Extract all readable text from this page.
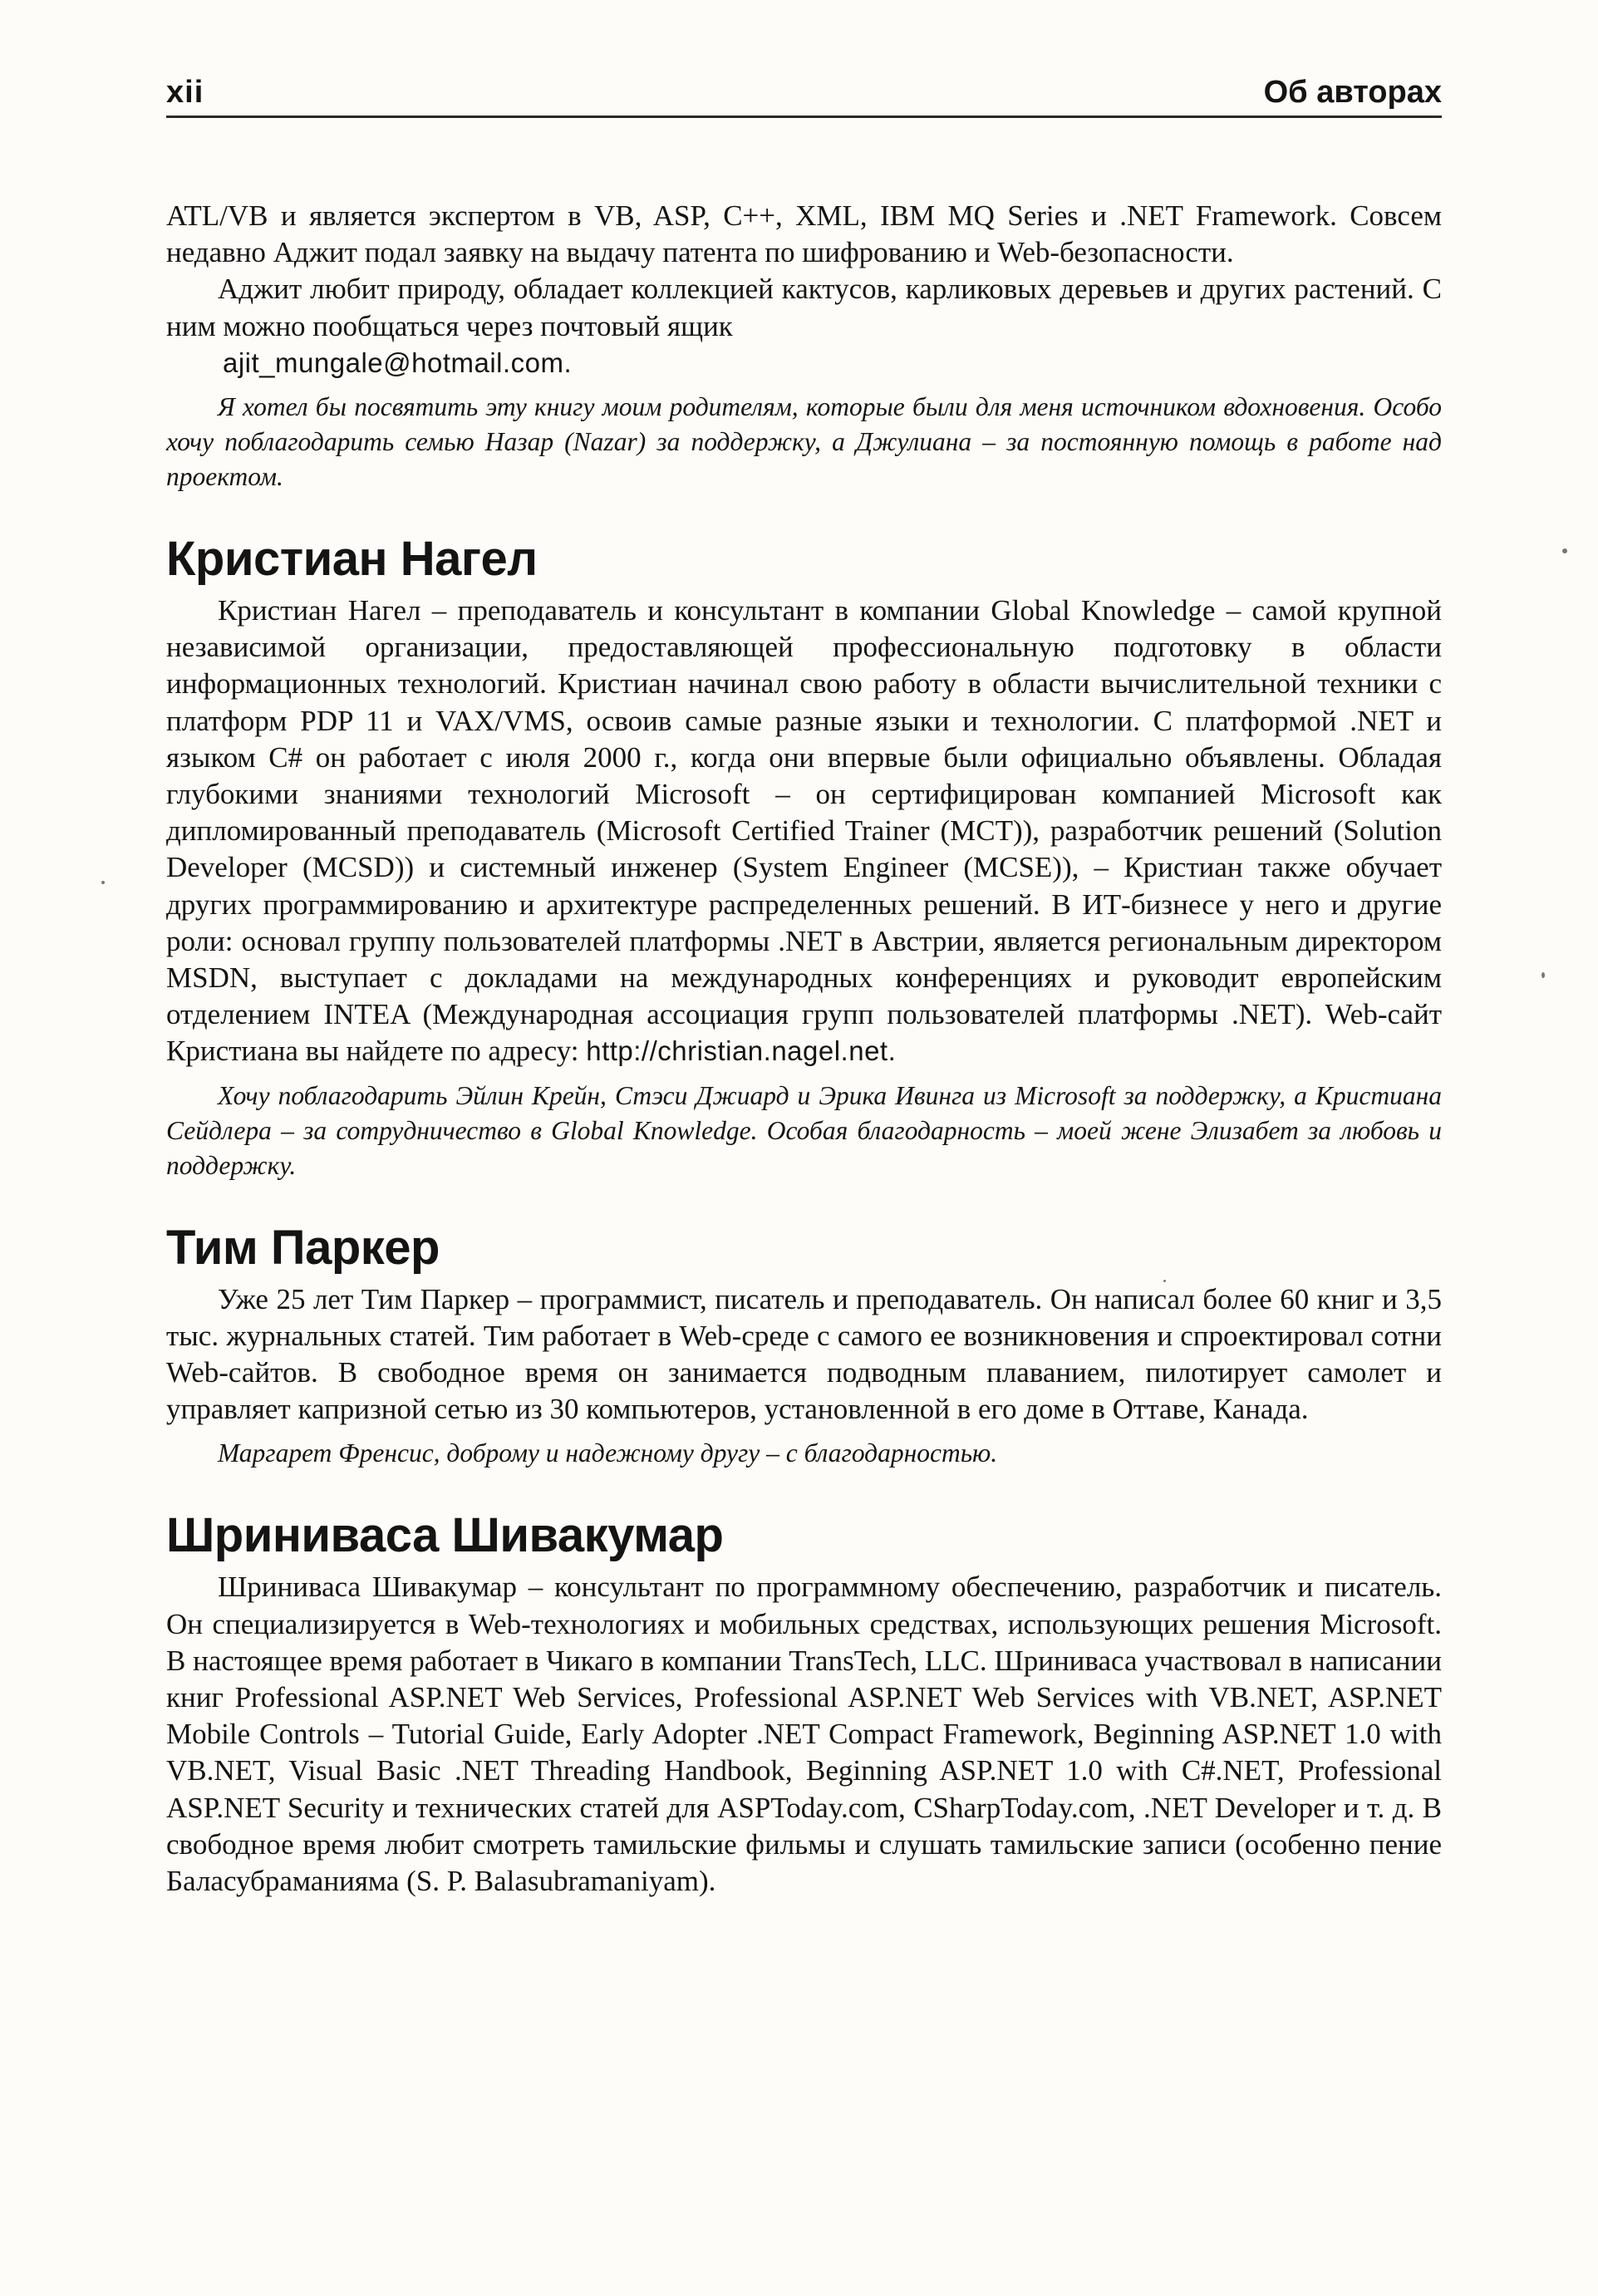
xii	Об авторах

ATL/VB и является экспертом в VB, ASP, C++, XML, IBM MQ Series и .NET Framework. Совсем недавно Аджит подал заявку на выдачу патента по шифрованию и Web-безопасности.

Аджит любит природу, обладает коллекцией кактусов, карликовых деревьев и других растений. С ним можно пообщаться через почтовый ящик

ajit_mungale@hotmail.com.

Я хотел бы посвятить эту книгу моим родителям, которые были для меня источником вдохновения. Особо хочу поблагодарить семью Назар (Nazar) за поддержку, а Джулиана – за постоянную помощь в работе над проектом.

Кристиан Нагел

Кристиан Нагел – преподаватель и консультант в компании Global Knowledge – самой крупной независимой организации, предоставляющей профессиональную подготовку в области информационных технологий. Кристиан начинал свою работу в области вычислительной техники с платформ PDP 11 и VAX/VMS, освоив самые разные языки и технологии. С платформой .NET и языком C# он работает с июля 2000 г., когда они впервые были официально объявлены. Обладая глубокими знаниями технологий Microsoft – он сертифицирован компанией Microsoft как дипломированный преподаватель (Microsoft Certified Trainer (MCT)), разработчик решений (Solution Developer (MCSD)) и системный инженер (System Engineer (MCSE)), – Кристиан также обучает других программированию и архитектуре распределенных решений. В ИТ-бизнесе у него и другие роли: основал группу пользователей платформы .NET в Австрии, является региональным директором MSDN, выступает с докладами на международных конференциях и руководит европейским отделением INTEA (Международная ассоциация групп пользователей платформы .NET). Web-сайт Кристиана вы найдете по адресу: http://christian.nagel.net.

Хочу поблагодарить Эйлин Крейн, Стэси Джиард и Эрика Ивинга из Microsoft за поддержку, а Кристиана Сейдлера – за сотрудничество в Global Knowledge. Особая благодарность – моей жене Элизабет за любовь и поддержку.

Тим Паркер

Уже 25 лет Тим Паркер – программист, писатель и преподаватель. Он написал более 60 книг и 3,5 тыс. журнальных статей. Тим работает в Web-среде с самого ее возникновения и спроектировал сотни Web-сайтов. В свободное время он занимается подводным плаванием, пилотирует самолет и управляет капризной сетью из 30 компьютеров, установленной в его доме в Оттаве, Канада.

Маргарет Френсис, доброму и надежному другу – с благодарностью.

Шриниваса Шивакумар

Шриниваса Шивакумар – консультант по программному обеспечению, разработчик и писатель. Он специализируется в Web-технологиях и мобильных средствах, использующих решения Microsoft. В настоящее время работает в Чикаго в компании TransTech, LLC. Шриниваса участвовал в написании книг Professional ASP.NET Web Services, Professional ASP.NET Web Services with VB.NET, ASP.NET Mobile Controls – Tutorial Guide, Early Adopter .NET Compact Framework, Beginning ASP.NET 1.0 with VB.NET, Visual Basic .NET Threading Handbook, Beginning ASP.NET 1.0 with C#.NET, Professional ASP.NET Security и технических статей для ASPToday.com, CSharpToday.com, .NET Developer и т. д. В свободное время любит смотреть тамильские фильмы и слушать тамильские записи (особенно пение Баласубраманияма (S. P. Balasubramaniyam).
